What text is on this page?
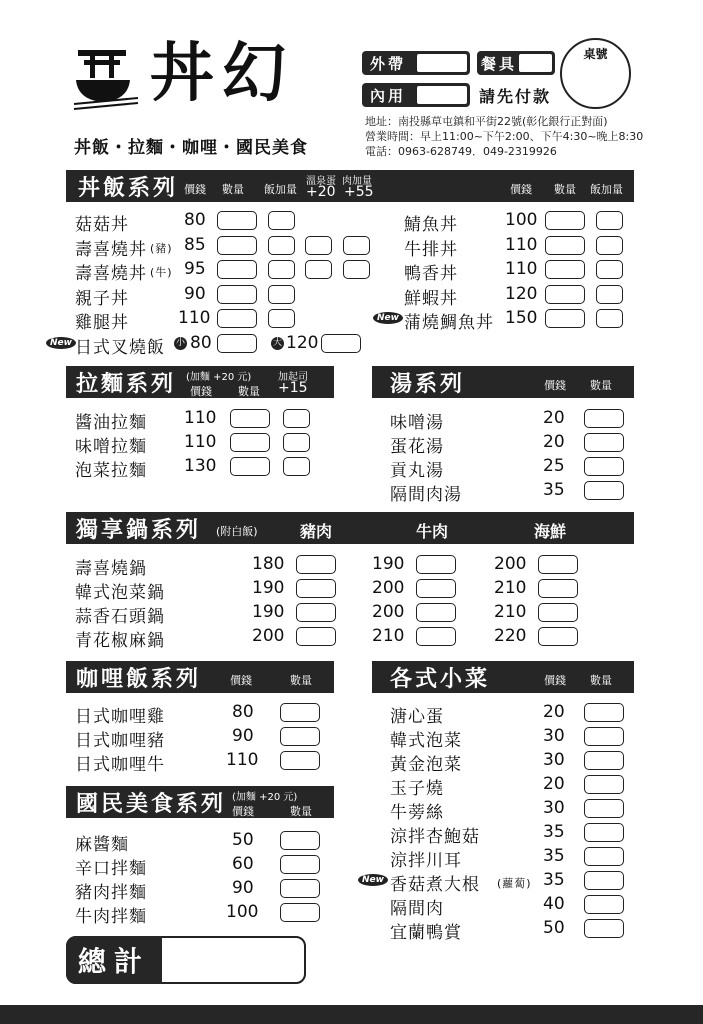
丼幻
丼飯・拉麵・咖哩・國民美食
外帶	餐具
內用	請先付款
桌號
地址：南投縣草屯鎮和平街22號(彰化銀行正對面)
營業時間：早上11:00~下午2:00、下午4:30~晚上8:30
電話：0963-628749．049-2319926
丼飯系列 價錢 數量 飯加量
溫泉蛋 肉加量
+20 +55	價錢 數量 飯加量
菇菇丼	80
壽喜燒丼 (豬) 85
壽喜燒丼 (牛) 95
親子丼	90
雞腿丼	110
New 日式叉燒飯 小 80	大 120
鯖魚丼	100
牛排丼	110
鴨香丼	110
鮮蝦丼	120
New 蒲燒鯛魚丼 150
拉麵系列 (加麵 +20 元)
價錢 數量
加起司
+15
醬油拉麵 110
味噌拉麵 110
泡菜拉麵 130
湯系列	價錢 數量
味噌湯	20
蛋花湯	20
貢丸湯	25
隔間肉湯	35
獨享鍋系列 (附白飯)	豬肉	牛肉	海鮮
壽喜燒鍋	180	190	200
韓式泡菜鍋	190	200	210
蒜香石頭鍋	190	200	210
青花椒麻鍋	200	210	220
咖哩飯系列	價錢	數量
日式咖哩雞	80
日式咖哩豬	90
日式咖哩牛	110
國民美食系列 (加麵 +20 元)
價錢	數量
麻醬麵	50
辛口拌麵	60
豬肉拌麵	90
牛肉拌麵	100
各式小菜	價錢 數量
溏心蛋	20
韓式泡菜	30
黃金泡菜	30
玉子燒	20
牛蒡絲	30
涼拌杏鮑菇	35
涼拌川耳	35
New 香菇煮大根 (蘿蔔) 35
隔間肉	40
宜蘭鴨賞	50
總計
